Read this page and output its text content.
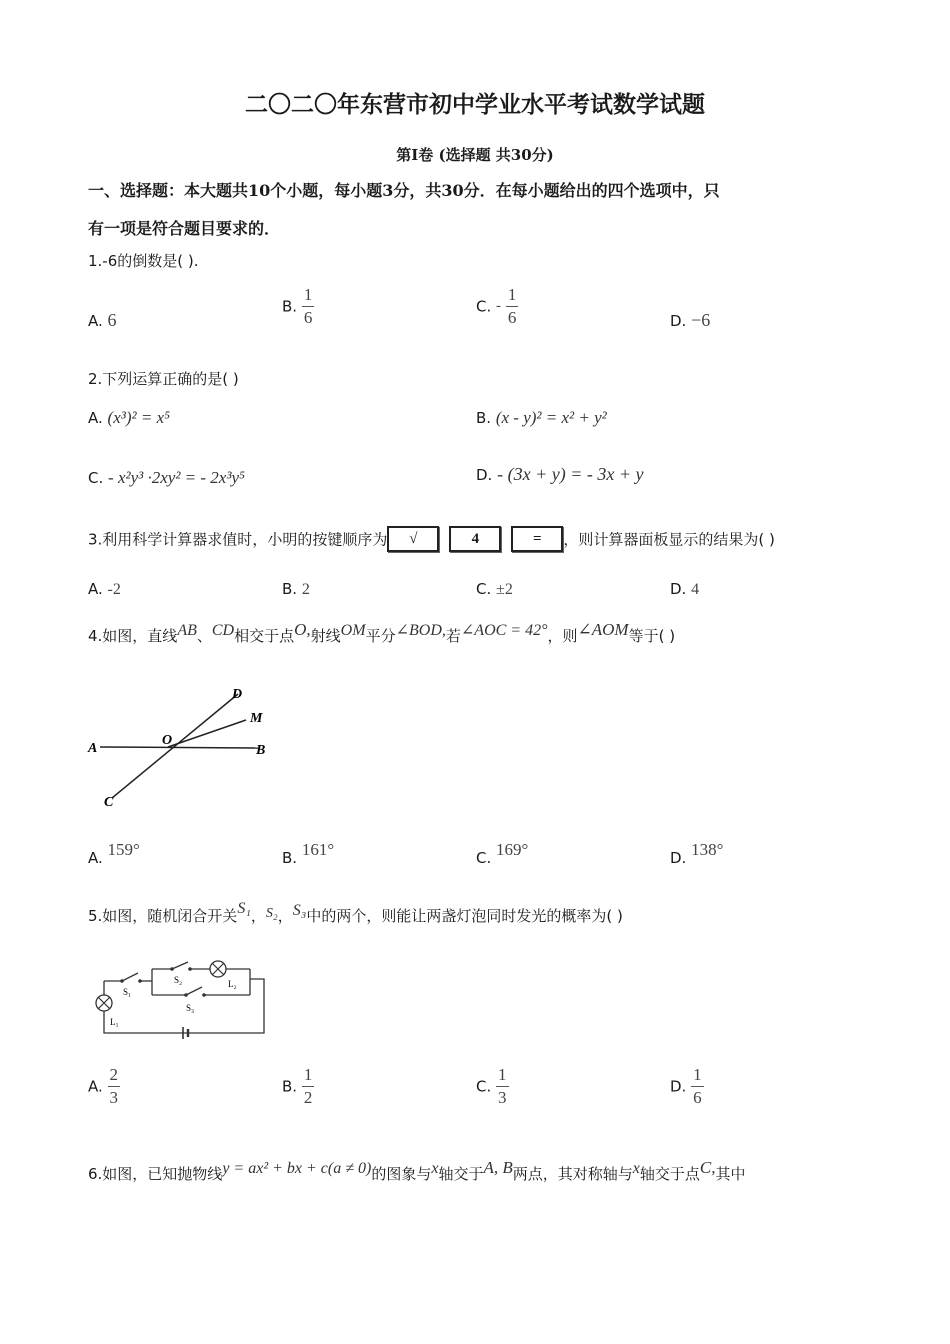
二〇二〇年东营市初中学业水平考试数学试题
第Ⅰ卷 (选择题 共30分)
一、选择题：本大题共10个小题，每小题3分，共30分．在每小题给出的四个选项中，只
有一项是符合题目要求的．
1.-6的倒数是( ).
A. 6
B. $\frac{1}{6}$	C. - $\frac{1}{6}$	D. −6
2.下列运算正确的是( )
A. (x³)² = x⁵	B. (x - y)² = x² + y²
C. - x²y³ ·2xy² = - 2x³y⁵	D. - (3x + y) = - 3x + y
3.利用科学计算器求值时，小明的按键顺序为 √	4	= ，则计算器面板显示的结果为( )
A. -2	B. 2	C. ±2	D. 4
4.如图，直线AB、CD相交于点O,射线OM平分∠BOD,若∠AOC = 42°，则∠AOM等于( )
A	B
C
D
O
M
A. 159°	B. 161°	C. 169°	D. 138°
5.如图，随机闭合开关S₁，S₂，S₃中的两个，则能让两盏灯泡同时发光的概率为( )
S₁
S₂
S₃
L₁
L₂
A. $\frac{2}{3}$	B. $\frac{1}{2}$	C. $\frac{1}{3}$	D. $\frac{1}{6}$
6.如图，已知抛物线y = ax² + bx + c(a ≠ 0)的图象与x轴交于A, B两点，其对称轴与x轴交于点C,其中
